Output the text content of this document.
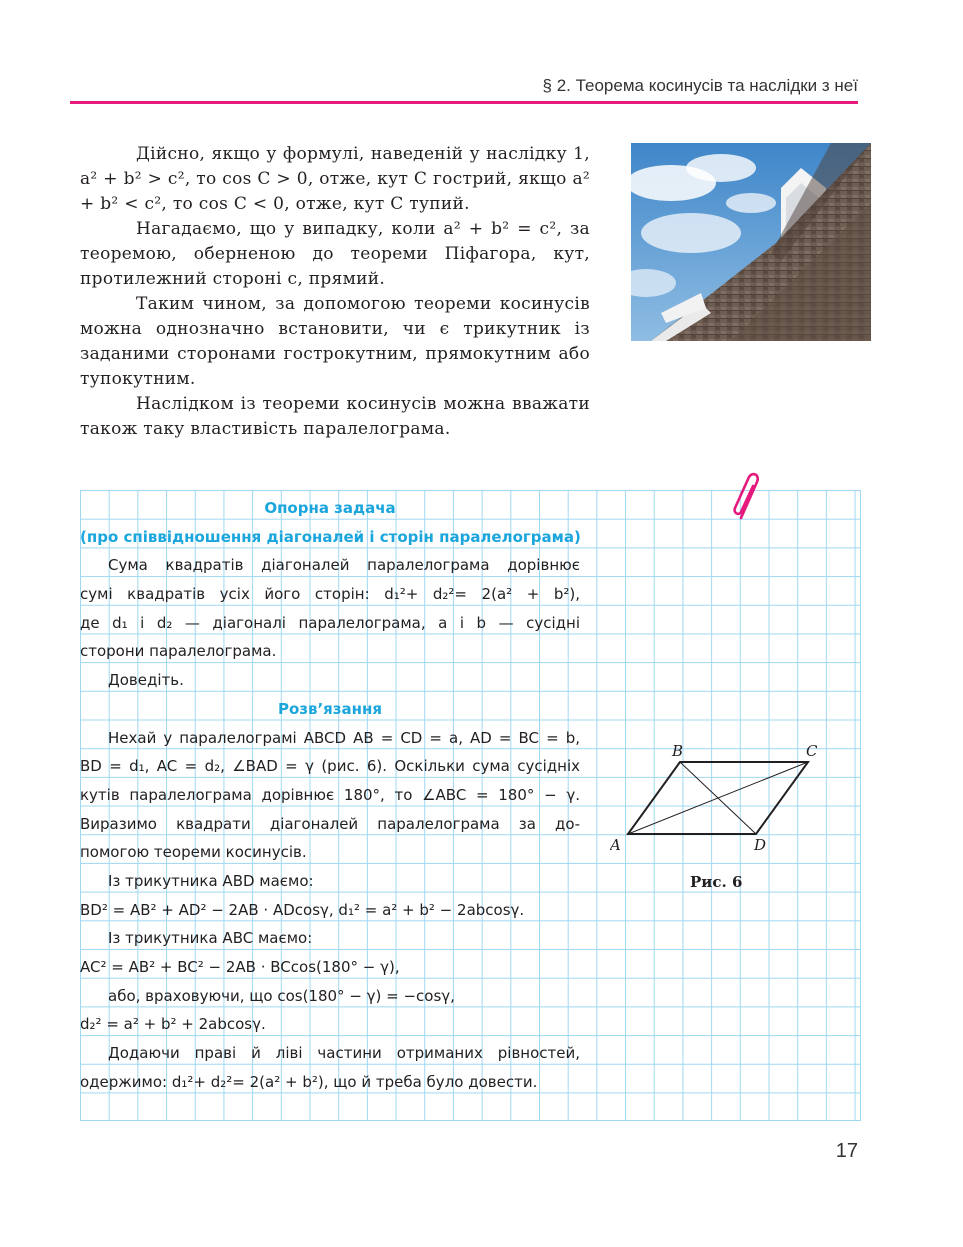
§ 2. Теорема косинусів та наслідки з неї

Дійсно, якщо у формулі, наведеній у наслідку 1, a² + b² > c², то cos C > 0, отже, кут C гострий, якщо a² + b² < c², то cos C < 0, отже, кут C тупий.

Нагадаємо, що у випадку, коли a² + b² = c², за теоремою, оберненою до теореми Піфагора, кут, протилежний стороні c, прямий.

Таким чином, за допомогою теореми косинусів можна однозначно встановити, чи є трикутник із заданими сторонами гострокутним, прямокутним або тупокутним.

Наслідком із теореми косинусів можна вважати також таку властивість паралелограма.

Опорна задача
(про співвідношення діагоналей і сторін паралелограма)
Сума квадратів діагоналей паралелограма дорівнює
сумі квадратів усіх його сторін: d₁²+ d₂²= 2(a² + b²),
де d₁ і d₂ — діагоналі паралелограма, a і b — сусідні
сторони паралелограма.
Доведіть.
Розв’язання
Нехай у паралелограмі ABCD AB = CD = a, AD = BC = b,
BD = d₁, AC = d₂, ∠BAD = γ (рис. 6). Оскільки сума сусідніх
кутів паралелограма дорівнює 180°, то ∠ABC = 180° − γ.
Виразимо квадрати діагоналей паралелограма за до-
помогою теореми косинусів.
Із трикутника ABD маємо:
BD² = AB² + AD² − 2AB · ADcosγ, d₁² = a² + b² − 2abcosγ.
Із трикутника ABC маємо:
AC² = AB² + BC² − 2AB · BCcos(180° − γ),
або, враховуючи, що cos(180° − γ) = −cosγ,
d₂² = a² + b² + 2abcosγ.
Додаючи праві й ліві частини отриманих рівностей,
одержимо: d₁²+ d₂²= 2(a² + b²), що й треба було довести.
A
B	C
D
Рис. 6
17
